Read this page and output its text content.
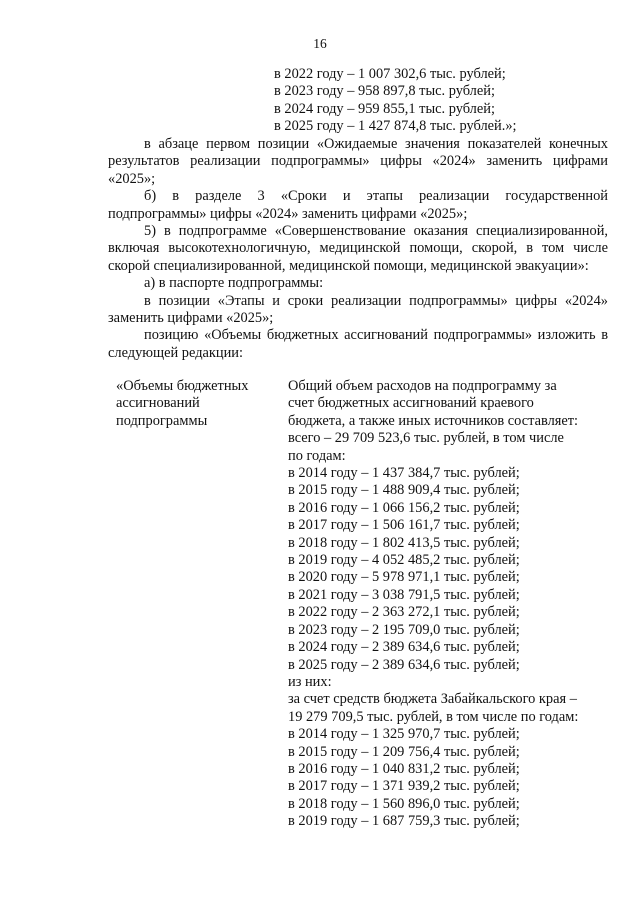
16
в 2022 году – 1 007 302,6 тыс. рублей;
в 2023 году – 958 897,8 тыс. рублей;
в 2024 году – 959 855,1 тыс. рублей;
в 2025 году – 1 427 874,8 тыс. рублей.»;

в абзаце первом позиции «Ожидаемые значения показателей конечных результатов реализации подпрограммы» цифры «2024» заменить цифрами «2025»;

б) в разделе 3 «Сроки и этапы реализации государственной подпрограммы» цифры «2024» заменить цифрами «2025»;

5) в подпрограмме «Совершенствование оказания специализированной, включая высокотехнологичную, медицинской помощи, скорой, в том числе скорой специализированной, медицинской помощи, медицинской эвакуации»:

а) в паспорте подпрограммы:

в позиции «Этапы и сроки реализации подпрограммы» цифры «2024» заменить цифрами «2025»;

позицию «Объемы бюджетных ассигнований подпрограммы» изложить в следующей редакции:

«Объемы бюджетных
ассигнований
подпрограммы
Общий объем расходов на подпрограмму за
счет бюджетных ассигнований краевого
бюджета, а также иных источников составляет:
всего – 29 709 523,6 тыс. рублей, в том числе
по годам:
в 2014 году – 1 437 384,7 тыс. рублей;
в 2015 году – 1 488 909,4 тыс. рублей;
в 2016 году – 1 066 156,2 тыс. рублей;
в 2017 году – 1 506 161,7 тыс. рублей;
в 2018 году – 1 802 413,5 тыс. рублей;
в 2019 году – 4 052 485,2 тыс. рублей;
в 2020 году – 5 978 971,1 тыс. рублей;
в 2021 году – 3 038 791,5 тыс. рублей;
в 2022 году – 2 363 272,1 тыс. рублей;
в 2023 году – 2 195 709,0 тыс. рублей;
в 2024 году – 2 389 634,6 тыс. рублей;
в 2025 году – 2 389 634,6 тыс. рублей;
из них:
за счет средств бюджета Забайкальского края –
19 279 709,5 тыс. рублей, в том числе по годам:
в 2014 году – 1 325 970,7 тыс. рублей;
в 2015 году – 1 209 756,4 тыс. рублей;
в 2016 году – 1 040 831,2 тыс. рублей;
в 2017 году – 1 371 939,2 тыс. рублей;
в 2018 году – 1 560 896,0 тыс. рублей;
в 2019 году – 1 687 759,3 тыс. рублей;
